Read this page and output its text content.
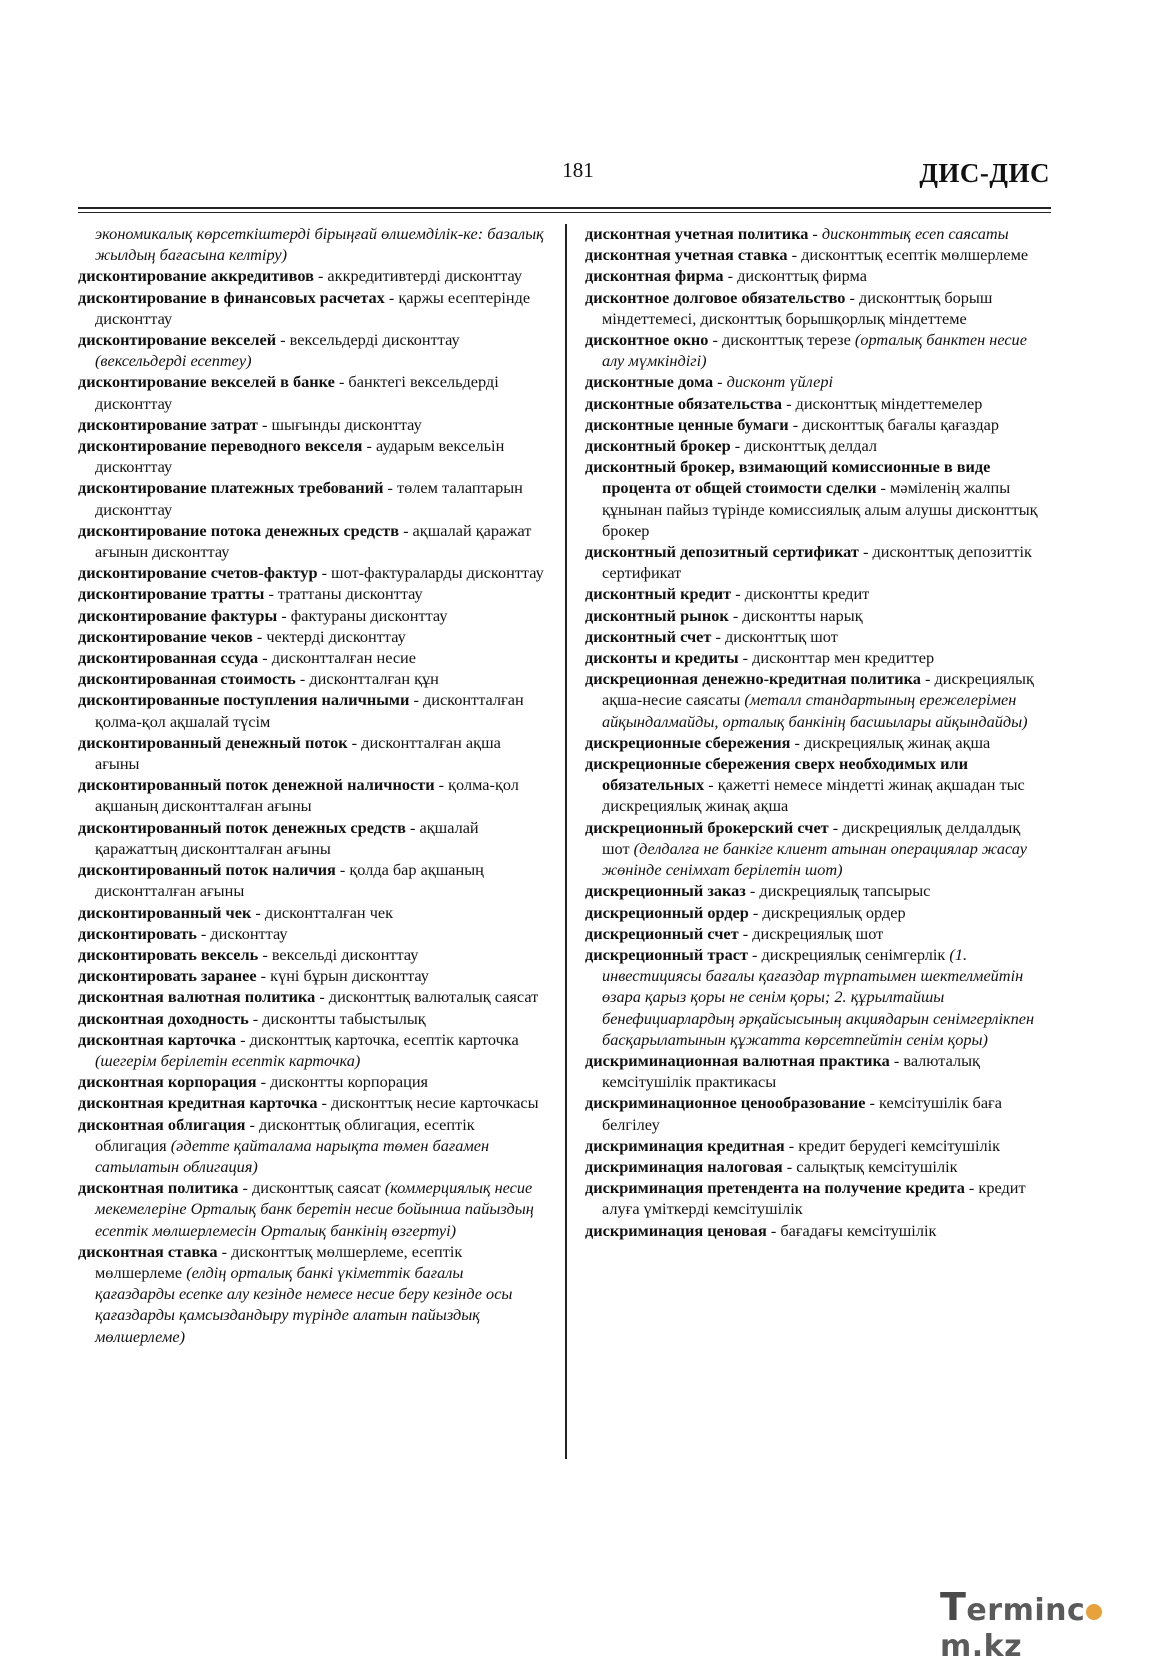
181	ДИС-ДИС

экономикалық көрсеткіштерді бірыңғай өлшемділік-ке: базалық жылдың бағасына келтіру)

дисконтирование аккредитивов - аккредитивтерді дисконттау

дисконтирование в финансовых расчетах - қаржы есептерінде дисконттау

дисконтирование векселей - вексельдерді дисконттау (вексельдерді есептеу)

дисконтирование векселей в банке - банктегі вексельдерді дисконттау

дисконтирование затрат - шығынды дисконттау

дисконтирование переводного векселя - аударым вексельін дисконттау

дисконтирование платежных требований - төлем талаптарын дисконттау

дисконтирование потока денежных средств - ақшалай қаражат ағынын дисконттау

дисконтирование счетов-фактур - шот-фактураларды дисконттау

дисконтирование тратты - траттаны дисконттау

дисконтирование фактуры - фактураны дисконттау

дисконтирование чеков - чектерді дисконттау

дисконтированная ссуда - дисконтталған несие

дисконтированная стоимость - дисконтталған құн

дисконтированные поступления наличными - дисконтталған қолма-қол ақшалай түсім

дисконтированный денежный поток - дисконтталған ақша ағыны

дисконтированный поток денежной наличности - қолма-қол ақшаның дисконтталған ағыны

дисконтированный поток денежных средств - ақшалай қаражаттың дисконтталған ағыны

дисконтированный поток наличия - қолда бар ақшаның дисконтталған ағыны

дисконтированный чек - дисконтталған чек

дисконтировать - дисконттау

дисконтировать вексель - вексельді дисконттау

дисконтировать заранее - күні бұрын дисконттау

дисконтная валютная политика - дисконттық валюталық саясат

дисконтная доходность - дисконтты табыстылық

дисконтная карточка - дисконттық карточка, есептік карточка (шегерім берілетін есептік карточка)

дисконтная корпорация - дисконтты корпорация

дисконтная кредитная карточка - дисконттық несие карточкасы

дисконтная облигация - дисконттық облигация, есептік облигация (әдетте қайталама нарықта төмен бағамен сатылатын облигация)

дисконтная политика - дисконттық саясат (коммерциялық несие мекемелеріне Орталық банк беретін несие бойынша пайыздың есептік мөлшерлемесін Орталық банкінің өзгертуі)

дисконтная ставка - дисконттық мөлшерлеме, есептік мөлшерлеме (елдің орталық банкі үкіметтік бағалы қағаздарды есепке алу кезінде немесе несие беру кезінде осы қағаздарды қамсыздандыру түрінде алатын пайыздық мөлшерлеме)

дисконтная учетная политика - дисконттық есеп саясаты

дисконтная учетная ставка - дисконттық есептік мөлшерлеме

дисконтная фирма - дисконттық фирма

дисконтное долговое обязательство - дисконттық борыш міндеттемесі, дисконттық борышқорлық міндеттеме

дисконтное окно - дисконттық терезе (орталық банктен несие алу мүмкіндігі)

дисконтные дома - дисконт үйлері

дисконтные обязательства - дисконттық міндеттемелер

дисконтные ценные бумаги - дисконттық бағалы қағаздар

дисконтный брокер - дисконттық делдал

дисконтный брокер, взимающий комиссионные в виде процента от общей стоимости сделки - мәміленің жалпы құнынан пайыз түрінде комиссиялық алым алушы дисконттық брокер

дисконтный депозитный сертификат - дисконттық депозиттік сертификат

дисконтный кредит - дисконтты кредит

дисконтный рынок - дисконтты нарық

дисконтный счет - дисконттық шот

дисконты и кредиты - дисконттар мен кредиттер

дискреционная денежно-кредитная политика - дискрециялық ақша-несие саясаты (металл стандартының ережелерімен айқындалмайды, орталық банкінің басшылары айқындайды)

дискреционные сбережения - дискрециялық жинақ ақша

дискреционные сбережения сверх необходимых или обязательных - қажетті немесе міндетті жинақ ақшадан тыс дискрециялық жинақ ақша

дискреционный брокерский счет - дискрециялық делдалдық шот (делдалға не банкіге клиент атынан операциялар жасау жөнінде сенімхат берілетін шот)

дискреционный заказ - дискрециялық тапсырыс

дискреционный ордер - дискрециялық ордер

дискреционный счет - дискрециялық шот

дискреционный траст - дискрециялық сенімгерлік (1. инвестициясы бағалы қағаздар түрпатымен шектелмейтін өзара қарыз қоры не сенім қоры; 2. құрылтайшы бенефициарлардың әрқайсысының акциядарын сенімгерлікпен басқарылатынын құжатта көрсетпейтін сенім қоры)

дискриминационная валютная практика - валюталық кемсітушілік практикасы

дискриминационное ценообразование - кемсітушілік баға белгілеу

дискриминация кредитная - кредит берудегі кемсітушілік

дискриминация налоговая - салықтық кемсітушілік

дискриминация претендента на получение кредита - кредит алуға үміткерді кемсітушілік

дискриминация ценовая - бағадағы кемсітушілік

Termincm.kz
